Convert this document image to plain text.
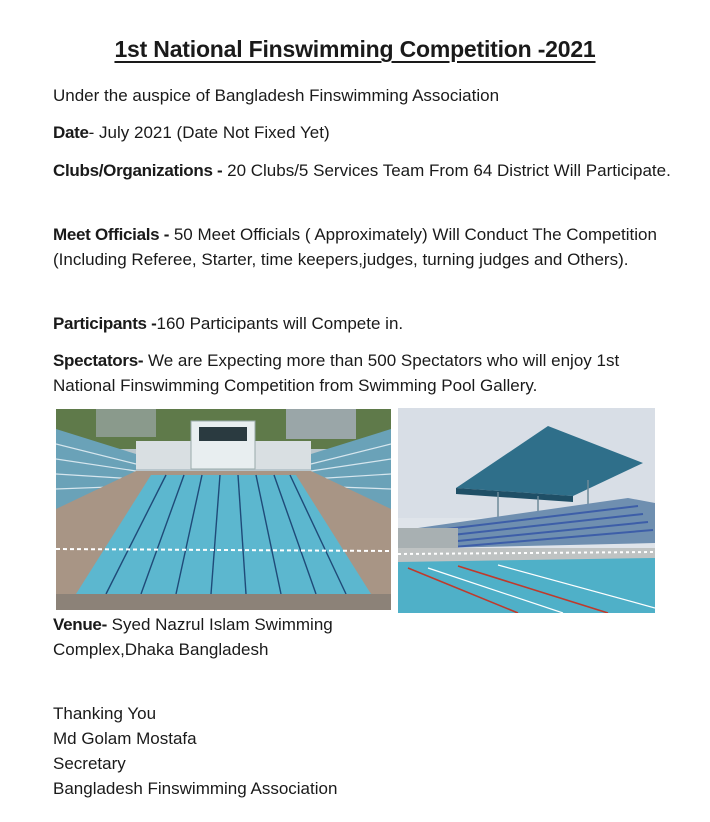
1st National Finswimming Competition -2021

Under the auspice of Bangladesh Finswimming Association

Date- July 2021 (Date Not Fixed Yet)

Clubs/Organizations - 20 Clubs/5 Services Team From 64 District Will Participate.

Meet Officials - 50 Meet Officials ( Approximately) Will Conduct The Competition (Including Referee, Starter, time keepers,judges, turning judges and Others).

Participants -160 Participants will Compete in.

Spectators- We are Expecting more than 500 Spectators who will enjoy 1st National Finswimming Competition from Swimming Pool Gallery.

Venue- Syed Nazrul Islam Swimming Complex,Dhaka Bangladesh

Thanking You
Md Golam Mostafa
Secretary
Bangladesh Finswimming Association
